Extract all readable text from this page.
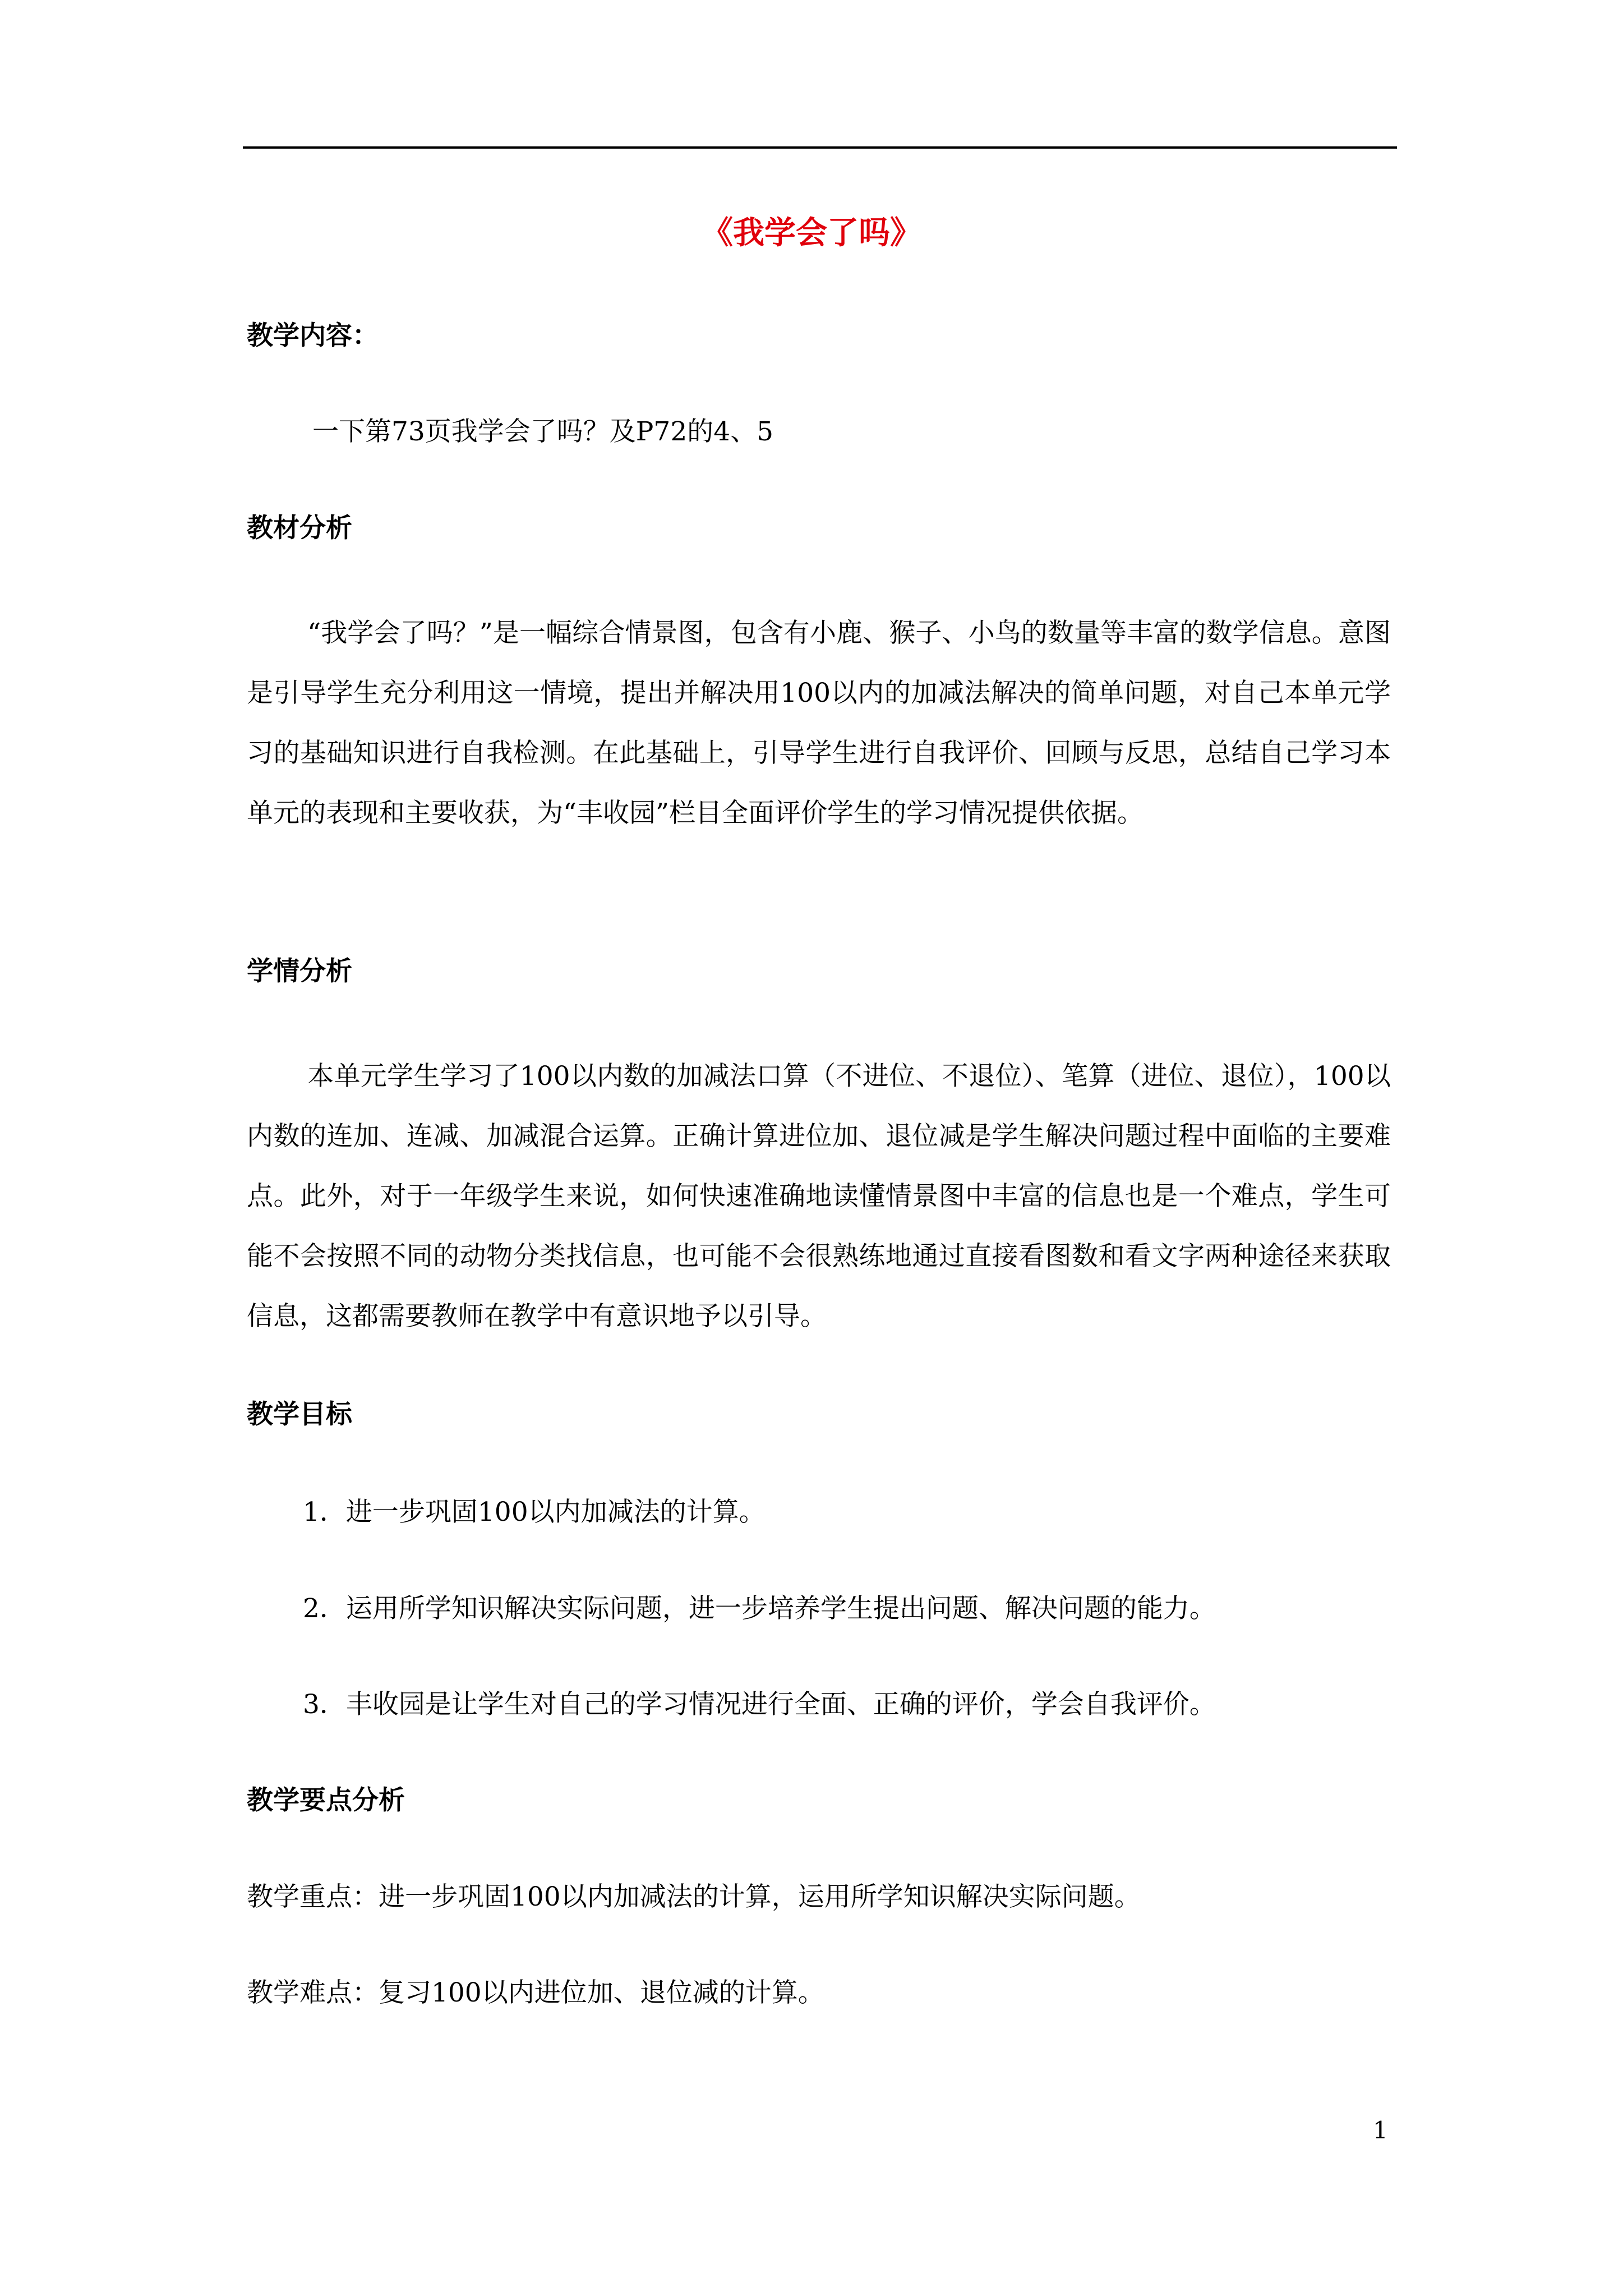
《我学会了吗》
教学内容：
一下第73页我学会了吗？及P72的4、5
教材分析
“我学会了吗？”是一幅综合情景图，包含有小鹿、猴子、小鸟的数量等丰富的数学信息。意图是引导学生充分利用这一情境，提出并解决用100以内的加减法解决的简单问题，对自己本单元学习的基础知识进行自我检测。在此基础上，引导学生进行自我评价、回顾与反思，总结自己学习本单元的表现和主要收获，为“丰收园”栏目全面评价学生的学习情况提供依据。
学情分析
本单元学生学习了100以内数的加减法口算（不进位、不退位）、笔算（进位、退位），100以内数的连加、连减、加减混合运算。正确计算进位加、退位减是学生解决问题过程中面临的主要难点。此外，对于一年级学生来说，如何快速准确地读懂情景图中丰富的信息也是一个难点，学生可能不会按照不同的动物分类找信息，也可能不会很熟练地通过直接看图数和看文字两种途径来获取信息，这都需要教师在教学中有意识地予以引导。
教学目标
1．进一步巩固100以内加减法的计算。
2．运用所学知识解决实际问题，进一步培养学生提出问题、解决问题的能力。
3．丰收园是让学生对自己的学习情况进行全面、正确的评价，学会自我评价。
教学要点分析
教学重点：进一步巩固100以内加减法的计算，运用所学知识解决实际问题。
教学难点：复习100以内进位加、退位减的计算。
1
